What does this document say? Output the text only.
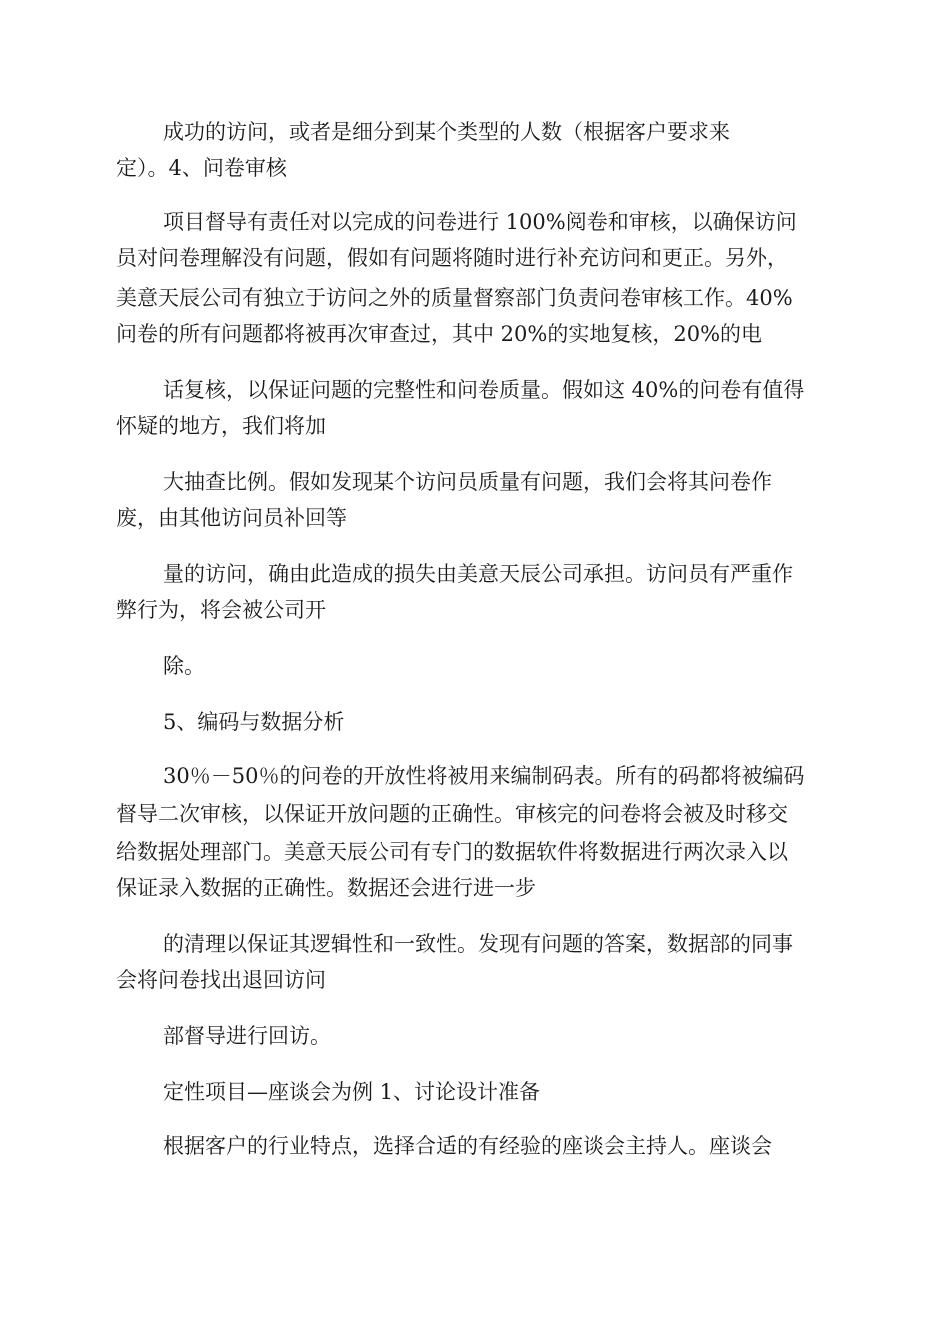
成功的访问，或者是细分到某个类型的人数（根据客户要求来
定）。4、问卷审核
项目督导有责任对以完成的问卷进行 100%阅卷和审核，以确保访问
员对问卷理解没有问题，假如有问题将随时进行补充访问和更正。另外，
美意天辰公司有独立于访问之外的质量督察部门负责问卷审核工作。40%
问卷的所有问题都将被再次审查过，其中 20%的实地复核，20%的电
话复核，以保证问题的完整性和问卷质量。假如这 40%的问卷有值得
怀疑的地方，我们将加
大抽查比例。假如发现某个访问员质量有问题，我们会将其问卷作
废，由其他访问员补回等
量的访问，确由此造成的损失由美意天辰公司承担。访问员有严重作
弊行为，将会被公司开
除。
5、编码与数据分析
30％－50％的问卷的开放性将被用来编制码表。所有的码都将被编码
督导二次审核，以保证开放问题的正确性。审核完的问卷将会被及时移交
给数据处理部门。美意天辰公司有专门的数据软件将数据进行两次录入以
保证录入数据的正确性。数据还会进行进一步
的清理以保证其逻辑性和一致性。发现有问题的答案，数据部的同事
会将问卷找出退回访问
部督导进行回访。
定性项目—座谈会为例 1、讨论设计准备
根据客户的行业特点，选择合适的有经验的座谈会主持人。座谈会
